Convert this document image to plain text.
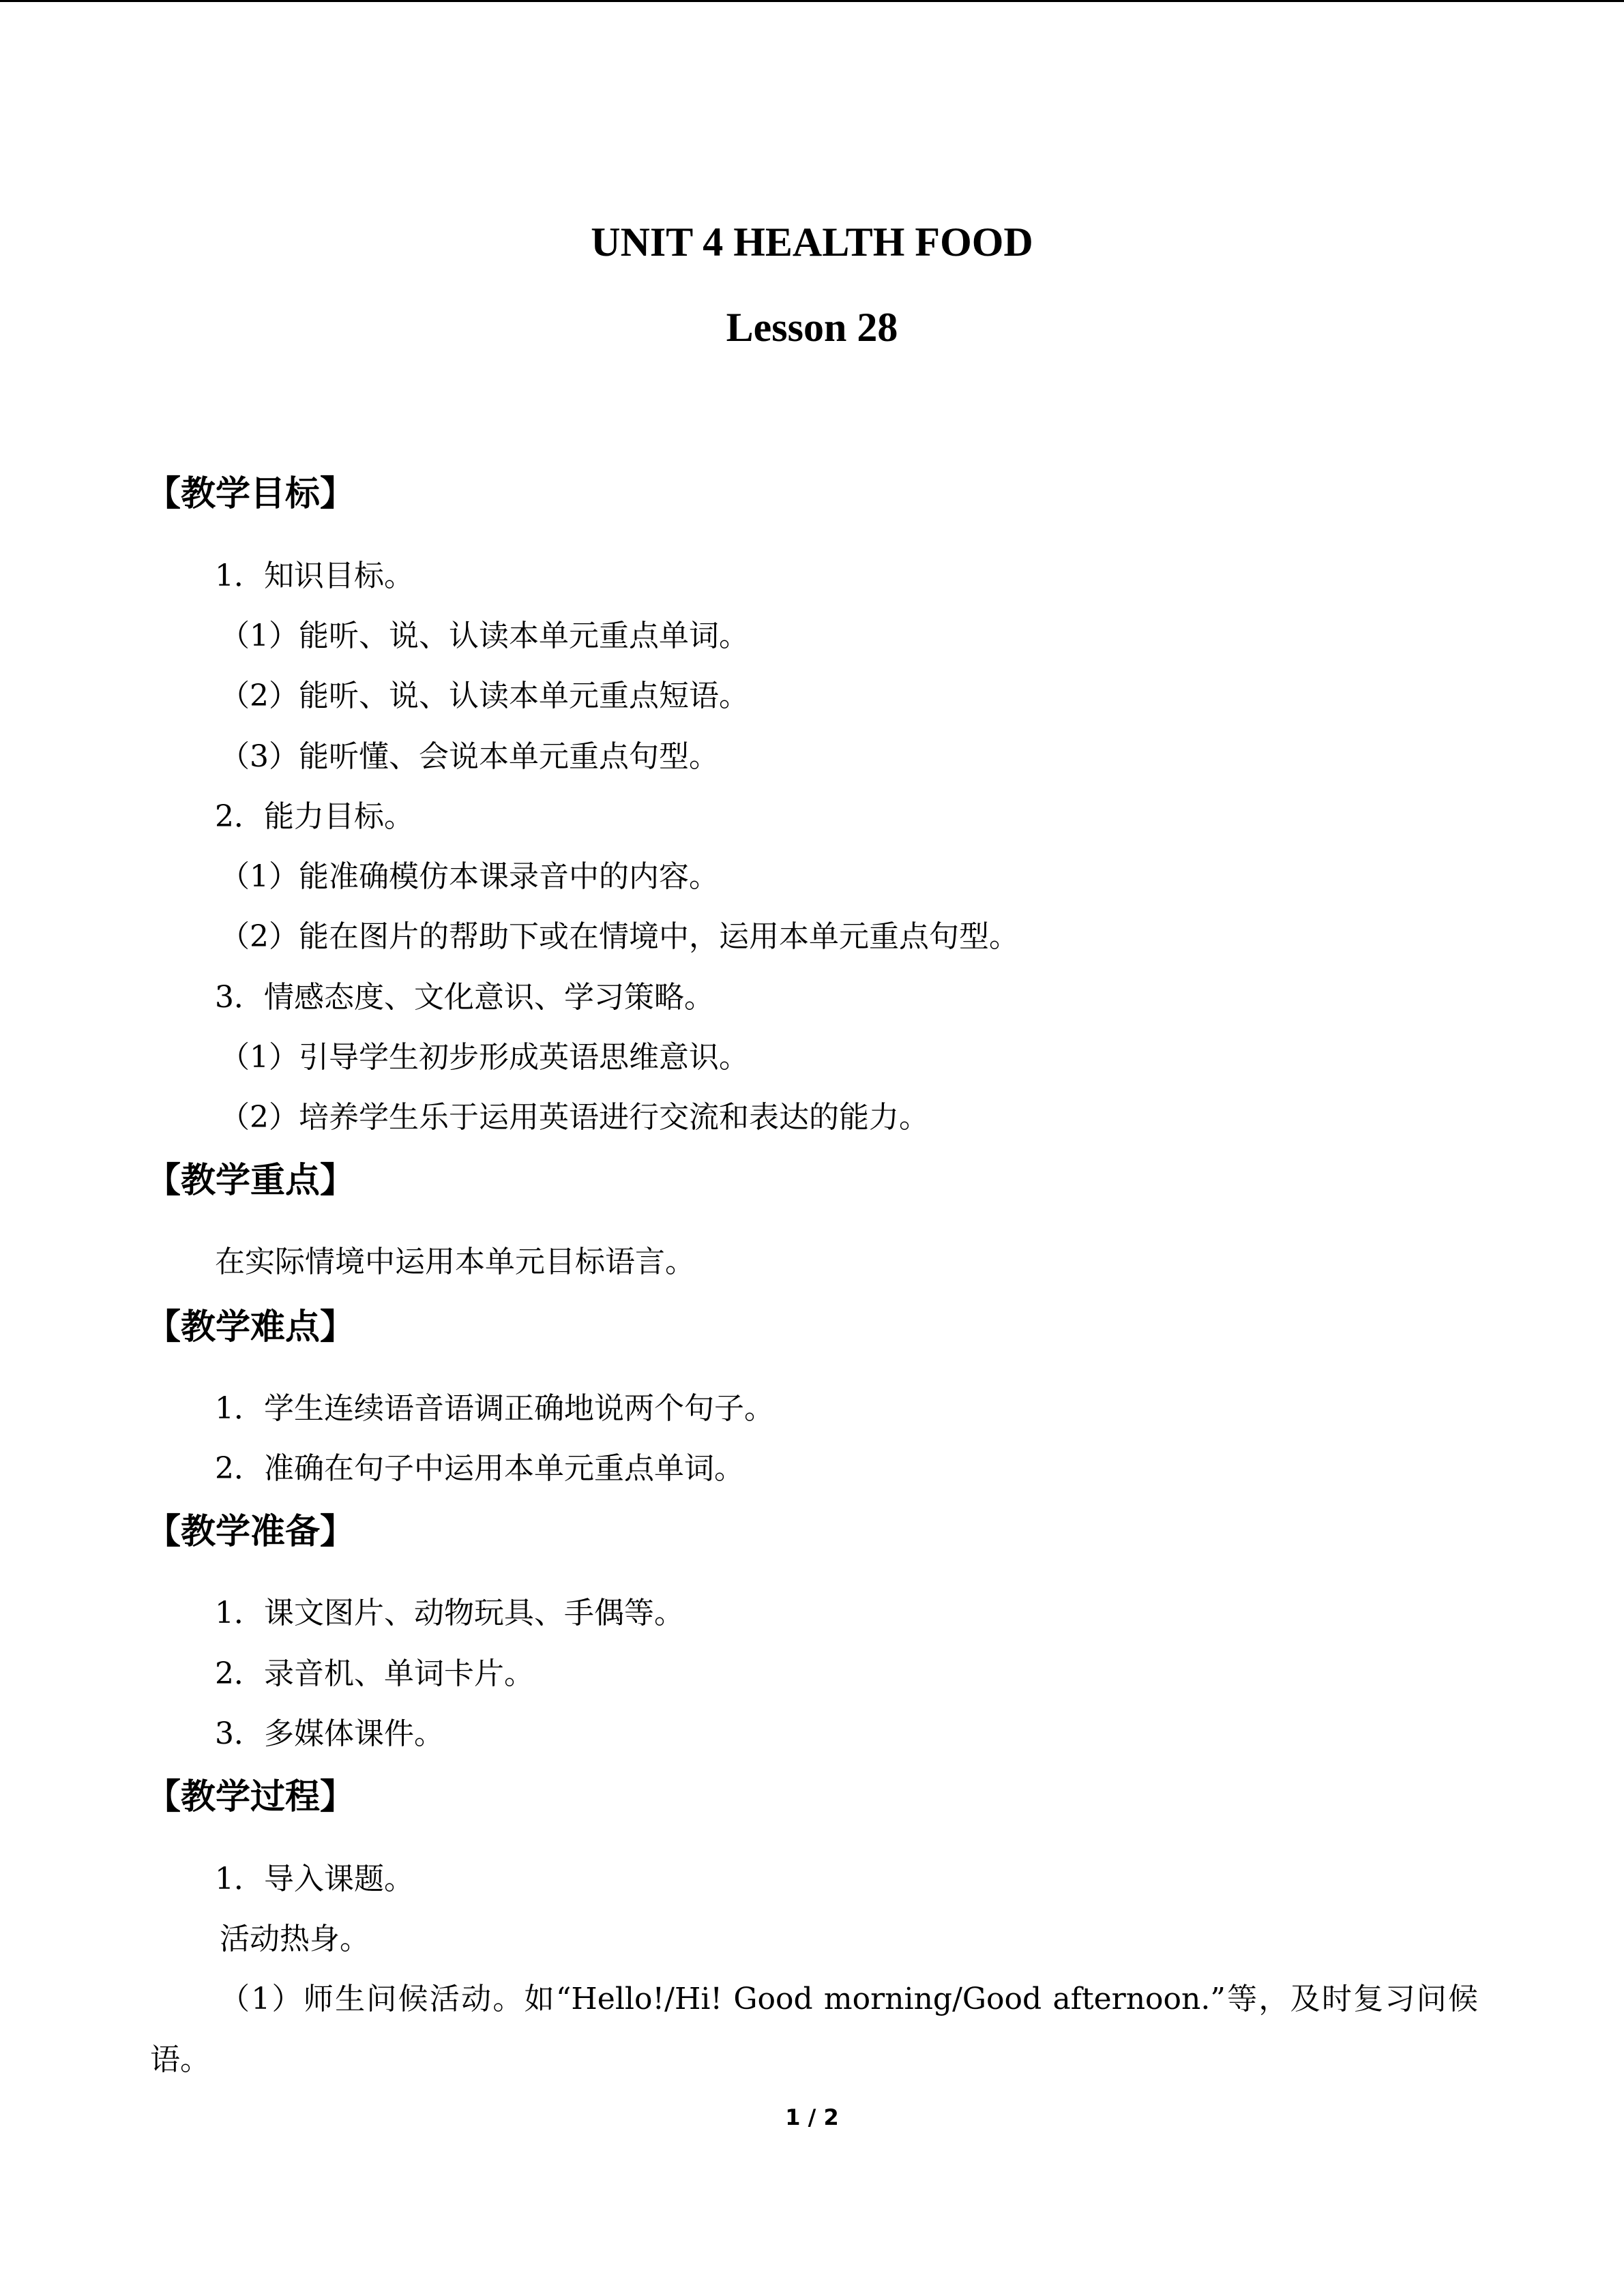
UNIT 4 HEALTH FOOD
Lesson 28
【教学目标】
1．知识目标。
（1）能听、说、认读本单元重点单词。
（2）能听、说、认读本单元重点短语。
（3）能听懂、会说本单元重点句型。
2．能力目标。
（1）能准确模仿本课录音中的内容。
（2）能在图片的帮助下或在情境中，运用本单元重点句型。
3．情感态度、文化意识、学习策略。
（1）引导学生初步形成英语思维意识。
（2）培养学生乐于运用英语进行交流和表达的能力。
【教学重点】
在实际情境中运用本单元目标语言。
【教学难点】
1．学生连续语音语调正确地说两个句子。
2．准确在句子中运用本单元重点单词。
【教学准备】
1．课文图片、动物玩具、手偶等。
2．录音机、单词卡片。
3．多媒体课件。
【教学过程】
1．导入课题。
活动热身。
（1）师生问候活动。如“Hello!/Hi! Good morning/Good afternoon.”等，及时复习问候
语。
1 / 2
